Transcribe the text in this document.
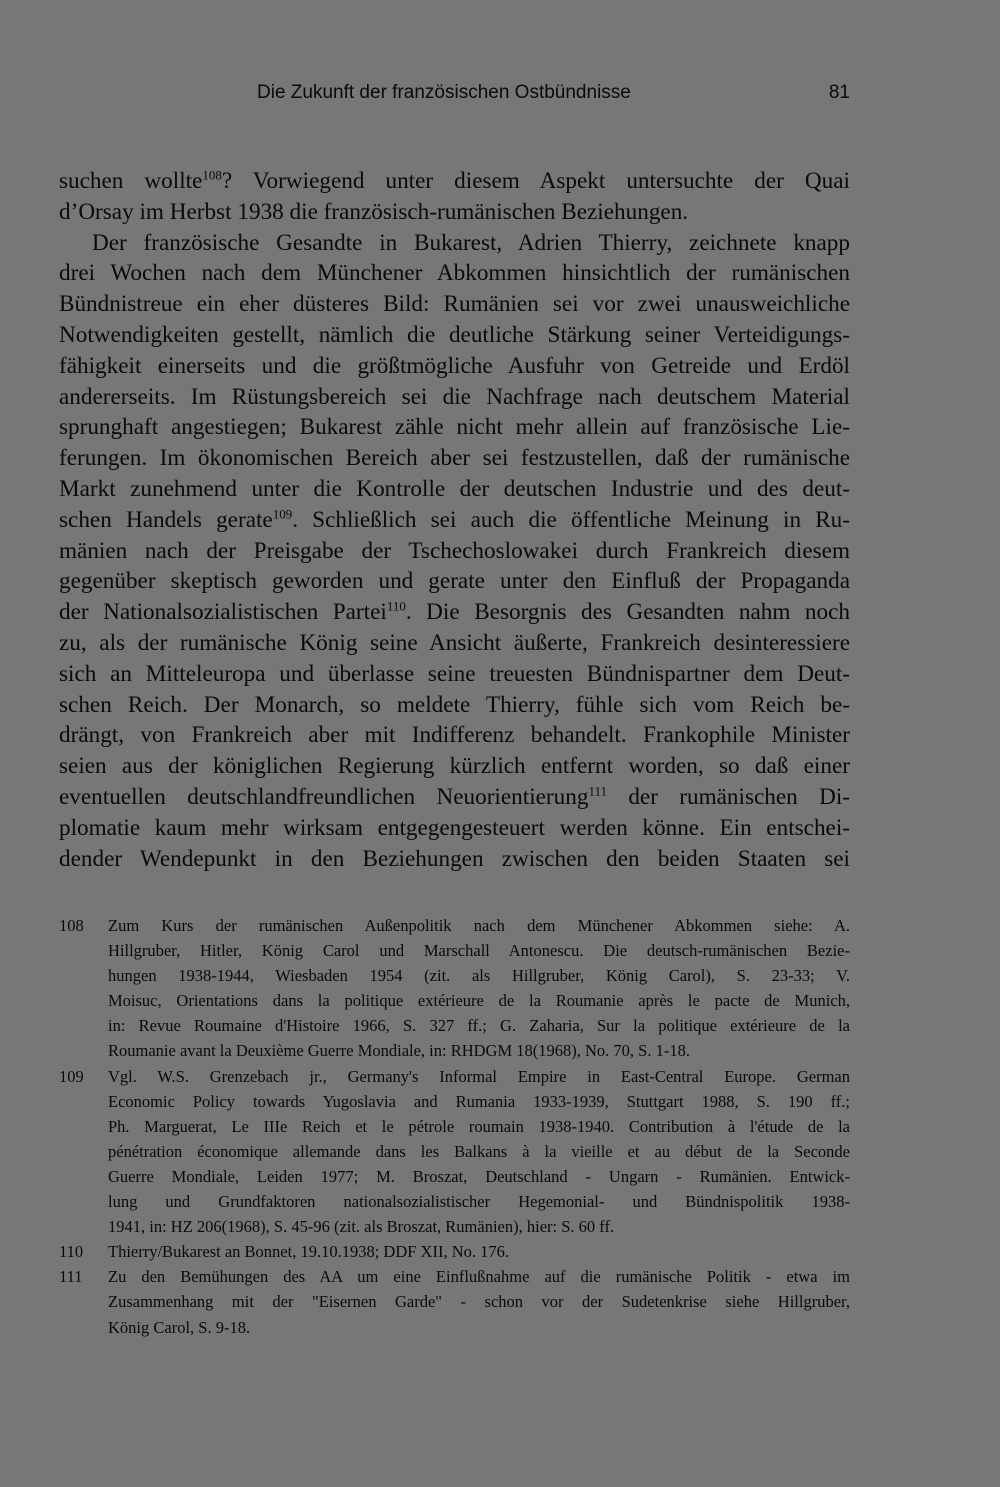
Die Zukunft der französischen Ostbündnisse	81
suchen wollte$^{108}$? Vorwiegend unter diesem Aspekt untersuchte der Quai
d’Orsay im Herbst 1938 die französisch-rumänischen Beziehungen.
Der französische Gesandte in Bukarest, Adrien Thierry, zeichnete knapp
drei Wochen nach dem Münchener Abkommen hinsichtlich der rumänischen
Bündnistreue ein eher düsteres Bild: Rumänien sei vor zwei unausweichliche
Notwendigkeiten gestellt, nämlich die deutliche Stärkung seiner Verteidigungs-
fähigkeit einerseits und die größtmögliche Ausfuhr von Getreide und Erdöl
andererseits. Im Rüstungsbereich sei die Nachfrage nach deutschem Material
sprunghaft angestiegen; Bukarest zähle nicht mehr allein auf französische Lie-
ferungen. Im ökonomischen Bereich aber sei festzustellen, daß der rumänische
Markt zunehmend unter die Kontrolle der deutschen Industrie und des deut-
schen Handels gerate$^{109}$. Schließlich sei auch die öffentliche Meinung in Ru-
mänien nach der Preisgabe der Tschechoslowakei durch Frankreich diesem
gegenüber skeptisch geworden und gerate unter den Einfluß der Propaganda
der Nationalsozialistischen Partei$^{110}$. Die Besorgnis des Gesandten nahm noch
zu, als der rumänische König seine Ansicht äußerte, Frankreich desinteressiere
sich an Mitteleuropa und überlasse seine treuesten Bündnispartner dem Deut-
schen Reich. Der Monarch, so meldete Thierry, fühle sich vom Reich be-
drängt, von Frankreich aber mit Indifferenz behandelt. Frankophile Minister
seien aus der königlichen Regierung kürzlich entfernt worden, so daß einer
eventuellen deutschlandfreundlichen Neuorientierung$^{111}$ der rumänischen Di-
plomatie kaum mehr wirksam entgegengesteuert werden könne. Ein entschei-
dender Wendepunkt in den Beziehungen zwischen den beiden Staaten sei
108 Zum Kurs der rumänischen Außenpolitik nach dem Münchener Abkommen siehe: A.
Hillgruber, Hitler, König Carol und Marschall Antonescu. Die deutsch-rumänischen Bezie-
hungen 1938-1944, Wiesbaden 1954 (zit. als Hillgruber, König Carol), S. 23-33; V.
Moisuc, Orientations dans la politique extérieure de la Roumanie après le pacte de Munich,
in: Revue Roumaine d'Histoire 1966, S. 327 ff.; G. Zaharia, Sur la politique extérieure de la
Roumanie avant la Deuxième Guerre Mondiale, in: RHDGM 18(1968), No. 70, S. 1-18.
109 Vgl. W.S. Grenzebach jr., Germany's Informal Empire in East-Central Europe. German
Economic Policy towards Yugoslavia and Rumania 1933-1939, Stuttgart 1988, S. 190 ff.;
Ph. Marguerat, Le IIIe Reich et le pétrole roumain 1938-1940. Contribution à l'étude de la
pénétration économique allemande dans les Balkans à la vieille et au début de la Seconde
Guerre Mondiale, Leiden 1977; M. Broszat, Deutschland - Ungarn - Rumänien. Entwick-
lung und Grundfaktoren nationalsozialistischer Hegemonial- und Bündnispolitik 1938-
1941, in: HZ 206(1968), S. 45-96 (zit. als Broszat, Rumänien), hier: S. 60 ff.
110 Thierry/Bukarest an Bonnet, 19.10.1938; DDF XII, No. 176.
111 Zu den Bemühungen des AA um eine Einflußnahme auf die rumänische Politik - etwa im
Zusammenhang mit der "Eisernen Garde" - schon vor der Sudetenkrise siehe Hillgruber,
König Carol, S. 9-18.
